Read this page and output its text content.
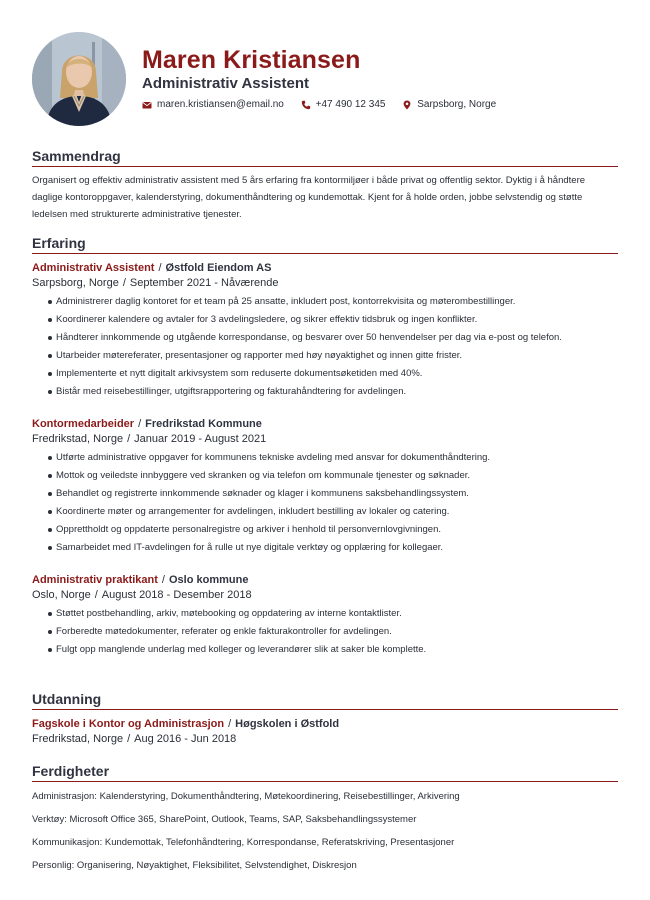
Maren Kristiansen
Administrativ Assistent
maren.kristiansen@email.no
	+47 490 12 345
	Sarpsborg, Norge
Sammendrag

Organisert og effektiv administrativ assistent med 5 års erfaring fra kontormiljøer i både privat og offentlig sektor. Dyktig i å håndtere daglige kontoroppgaver, kalenderstyring, dokumenthåndtering og kundemottak. Kjent for å holde orden, jobbe selvstendig og støtte ledelsen med strukturerte administrative tjenester.

Erfaring
Administrativ Assistent / Østfold Eiendom AS
Sarpsborg, Norge / September 2021 - Nåværende
Administrerer daglig kontoret for et team på 25 ansatte, inkludert post, kontorrekvisita og møterombestillinger.
Koordinerer kalendere og avtaler for 3 avdelingsledere, og sikrer effektiv tidsbruk og ingen konflikter.
Håndterer innkommende og utgående korrespondanse, og besvarer over 50 henvendelser per dag via e-post og telefon.
Utarbeider møtereferater, presentasjoner og rapporter med høy nøyaktighet og innen gitte frister.
Implementerte et nytt digitalt arkivsystem som reduserte dokumentsøketiden med 40%.
Bistår med reisebestillinger, utgiftsrapportering og fakturahåndtering for avdelingen.
Kontormedarbeider / Fredrikstad Kommune
Fredrikstad, Norge / Januar 2019 - August 2021
Utførte administrative oppgaver for kommunens tekniske avdeling med ansvar for dokumenthåndtering.
Mottok og veiledste innbyggere ved skranken og via telefon om kommunale tjenester og søknader.
Behandlet og registrerte innkommende søknader og klager i kommunens saksbehandlingssystem.
Koordinerte møter og arrangementer for avdelingen, inkludert bestilling av lokaler og catering.
Opprettholdt og oppdaterte personalregistre og arkiver i henhold til personvernlovgivningen.
Samarbeidet med IT-avdelingen for å rulle ut nye digitale verktøy og opplæring for kollegaer.
Administrativ praktikant / Oslo kommune
Oslo, Norge / August 2018 - Desember 2018
Støttet postbehandling, arkiv, møtebooking og oppdatering av interne kontaktlister.
Forberedte møtedokumenter, referater og enkle fakturakontroller for avdelingen.
Fulgt opp manglende underlag med kolleger og leverandører slik at saker ble komplette.
Utdanning
Fagskole i Kontor og Administrasjon / Høgskolen i Østfold
Fredrikstad, Norge / Aug 2016 - Jun 2018
Ferdigheter
Administrasjon: Kalenderstyring, Dokumenthåndtering, Møtekoordinering, Reisebestillinger, Arkivering
Verktøy: Microsoft Office 365, SharePoint, Outlook, Teams, SAP, Saksbehandlingssystemer
Kommunikasjon: Kundemottak, Telefonhåndtering, Korrespondanse, Referatskriving, Presentasjoner
Personlig: Organisering, Nøyaktighet, Fleksibilitet, Selvstendighet, Diskresjon
